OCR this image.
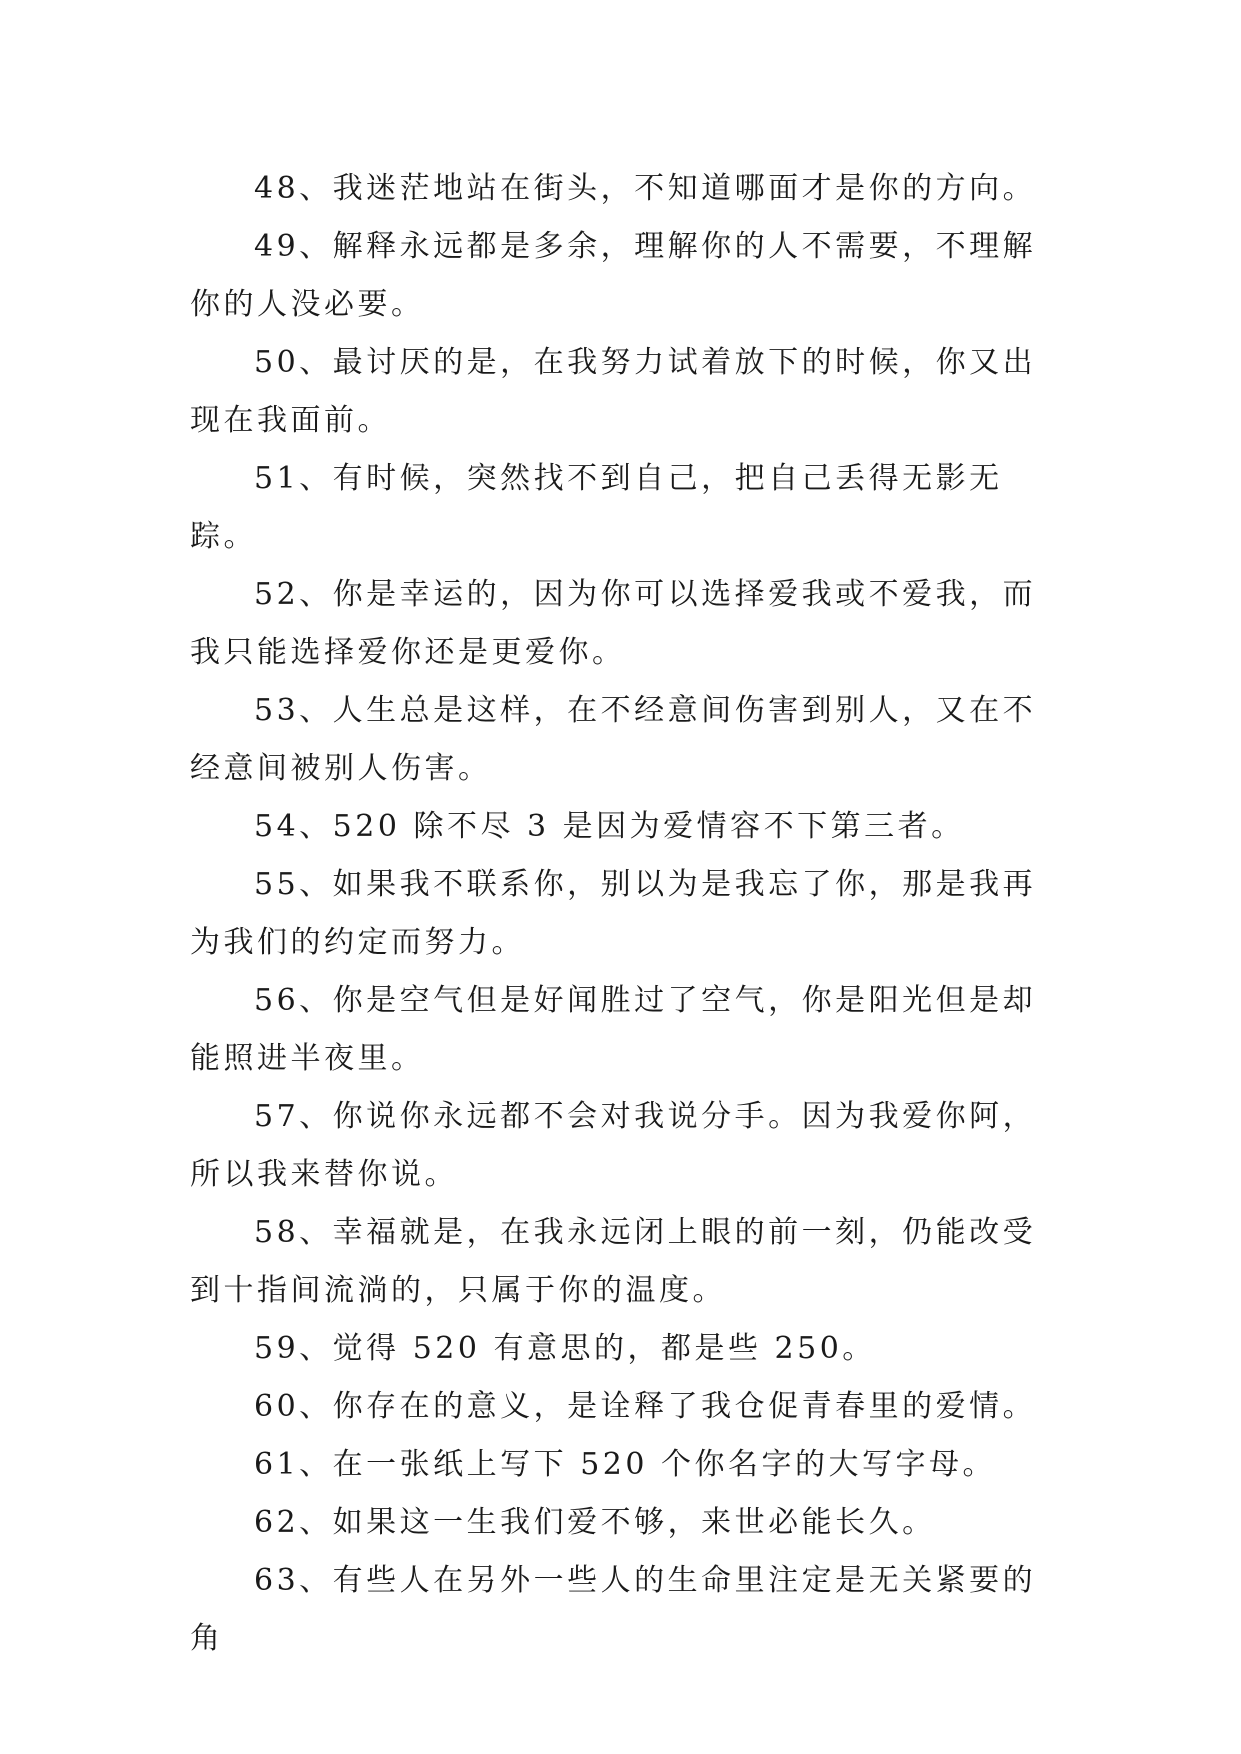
48、我迷茫地站在街头，不知道哪面才是你的方向。

49、解释永远都是多余，理解你的人不需要，不理解你的人没必要。

50、最讨厌的是，在我努力试着放下的时候，你又出现在我面前。

51、有时候，突然找不到自己，把自己丢得无影无踪。

52、你是幸运的，因为你可以选择爱我或不爱我，而我只能选择爱你还是更爱你。

53、人生总是这样，在不经意间伤害到别人，又在不经意间被别人伤害。

54、520 除不尽 3 是因为爱情容不下第三者。

55、如果我不联系你，别以为是我忘了你，那是我再为我们的约定而努力。

56、你是空气但是好闻胜过了空气，你是阳光但是却能照进半夜里。

57、你说你永远都不会对我说分手。因为我爱你阿，所以我来替你说。

58、幸福就是，在我永远闭上眼的前一刻，仍能改受到十指间流淌的，只属于你的温度。

59、觉得 520 有意思的，都是些 250。

60、你存在的意义，是诠释了我仓促青春里的爱情。

61、在一张纸上写下 520 个你名字的大写字母。

62、如果这一生我们爱不够，来世必能长久。

63、有些人在另外一些人的生命里注定是无关紧要的角
